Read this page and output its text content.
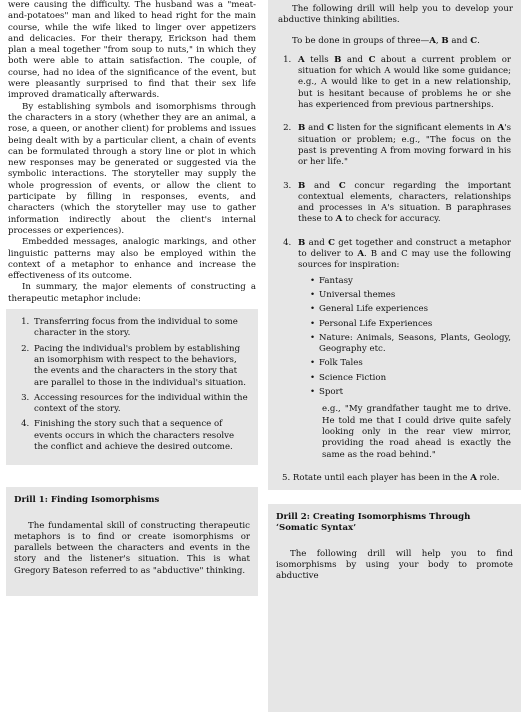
were causing the difficulty. The husband was a "meat-and-potatoes" man and liked to head right for the main course, while the wife liked to linger over appetizers and delicacies. For their therapy, Erickson had them plan a meal together "from soup to nuts," in which they both were able to attain satisfaction. The couple, of course, had no idea of the significance of the event, but were pleasantly surprised to find that their sex life improved dramatically afterwards.

By establishing symbols and isomorphisms through the characters in a story (whether they are an animal, a rose, a queen, or another client) for problems and issues being dealt with by a particular client, a chain of events can be formulated through a story line or plot in which new responses may be generated or suggested via the symbolic interactions. The storyteller may supply the whole progression of events, or allow the client to participate by filling in responses, events, and characters (which the storyteller may use to gather information indirectly about the client's internal processes or experiences).

Embedded messages, analogic markings, and other linguistic patterns may also be employed within the context of a metaphor to enhance and increase the effectiveness of its outcome.

In summary, the major elements of constructing a therapeutic metaphor include:

1. Transferring focus from the individual to some character in the story.
2. Pacing the individual's problem by establishing an isomorphism with respect to the behaviors, the events and the characters in the story that are parallel to those in the individual's situation.
3. Accessing resources for the individual within the context of the story.
4. Finishing the story such that a sequence of events occurs in which the characters resolve the conflict and achieve the desired outcome.

Drill 1: Finding Isomorphisms

The fundamental skill of constructing therapeutic metaphors is to find or create isomorphisms or parallels between the characters and events in the story and the listener's situation. This is what Gregory Bateson referred to as "abductive" thinking.

The following drill will help you to develop your abductive thinking abilities.

To be done in groups of three—A, B and C.

1. A tells B and C about a current problem or situation for which A would like some guidance; e.g., A would like to get in a new relationship, but is hesitant because of problems he or she has experienced from previous partnerships.
2. B and C listen for the significant elements in A's situation or problem; e.g., "The focus on the past is preventing A from moving forward in his or her life."
3. B and C concur regarding the important contextual elements, characters, relationships and processes in A's situation. B paraphrases these to A to check for accuracy.
4. B and C get together and construct a metaphor to deliver to A. B and C may use the following sources for inspiration:
• Fantasy
• Universal themes
• General Life experiences
• Personal Life Experiences
• Nature: Animals, Seasons, Plants, Geology, Geography etc.
• Folk Tales
• Science Fiction
• Sport

e.g., "My grandfather taught me to drive. He told me that I could drive quite safely looking only in the rear view mirror, providing the road ahead is exactly the same as the road behind."

5. Rotate until each player has been in the A role.

Drill 2: Creating Isomorphisms Through ‘Somatic Syntax’

The following drill will help you to find isomorphisms by using your body to promote abductive
